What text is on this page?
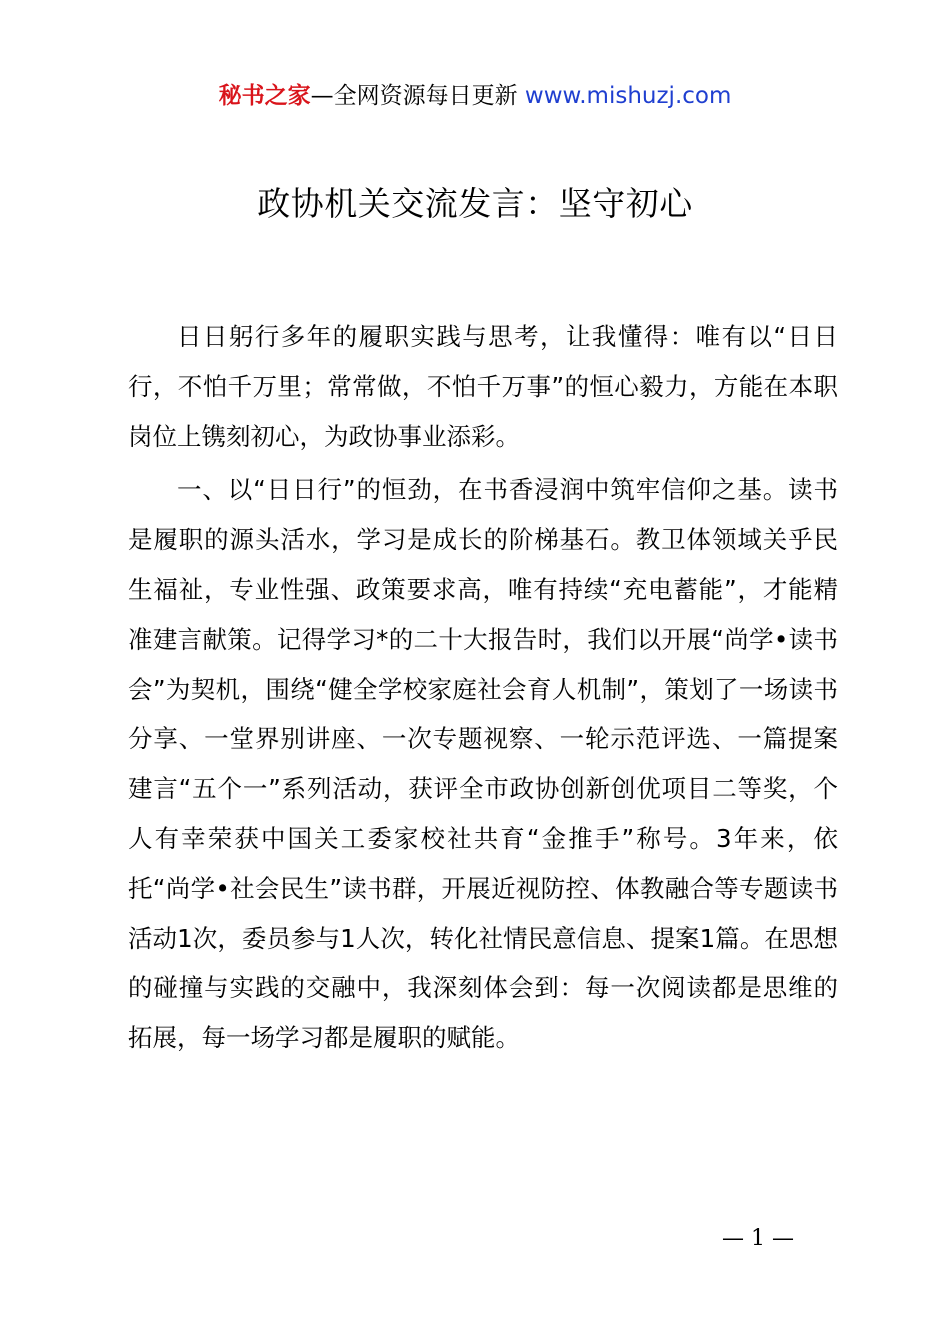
秘书之家—全网资源每日更新 www.mishuzj.com
政协机关交流发言：坚守初心

日日躬行多年的履职实践与思考，让我懂得：唯有以“日日行，不怕千万里；常常做，不怕千万事”的恒心毅力，方能在本职岗位上镌刻初心，为政协事业添彩。

一、以“日日行”的恒劲，在书香浸润中筑牢信仰之基。读书是履职的源头活水，学习是成长的阶梯基石。教卫体领域关乎民生福祉，专业性强、政策要求高，唯有持续“充电蓄能”，才能精准建言献策。记得学习*的二十大报告时，我们以开展“尚学•读书会”为契机，围绕“健全学校家庭社会育人机制”，策划了一场读书分享、一堂界别讲座、一次专题视察、一轮示范评选、一篇提案建言“五个一”系列活动，获评全市政协创新创优项目二等奖，个人有幸荣获中国关工委家校社共育“金推手”称号。3年来，依托“尚学•社会民生”读书群，开展近视防控、体教融合等专题读书活动1次，委员参与1人次，转化社情民意信息、提案1篇。在思想的碰撞与实践的交融中，我深刻体会到：每一次阅读都是思维的拓展，每一场学习都是履职的赋能。

— 1 —
